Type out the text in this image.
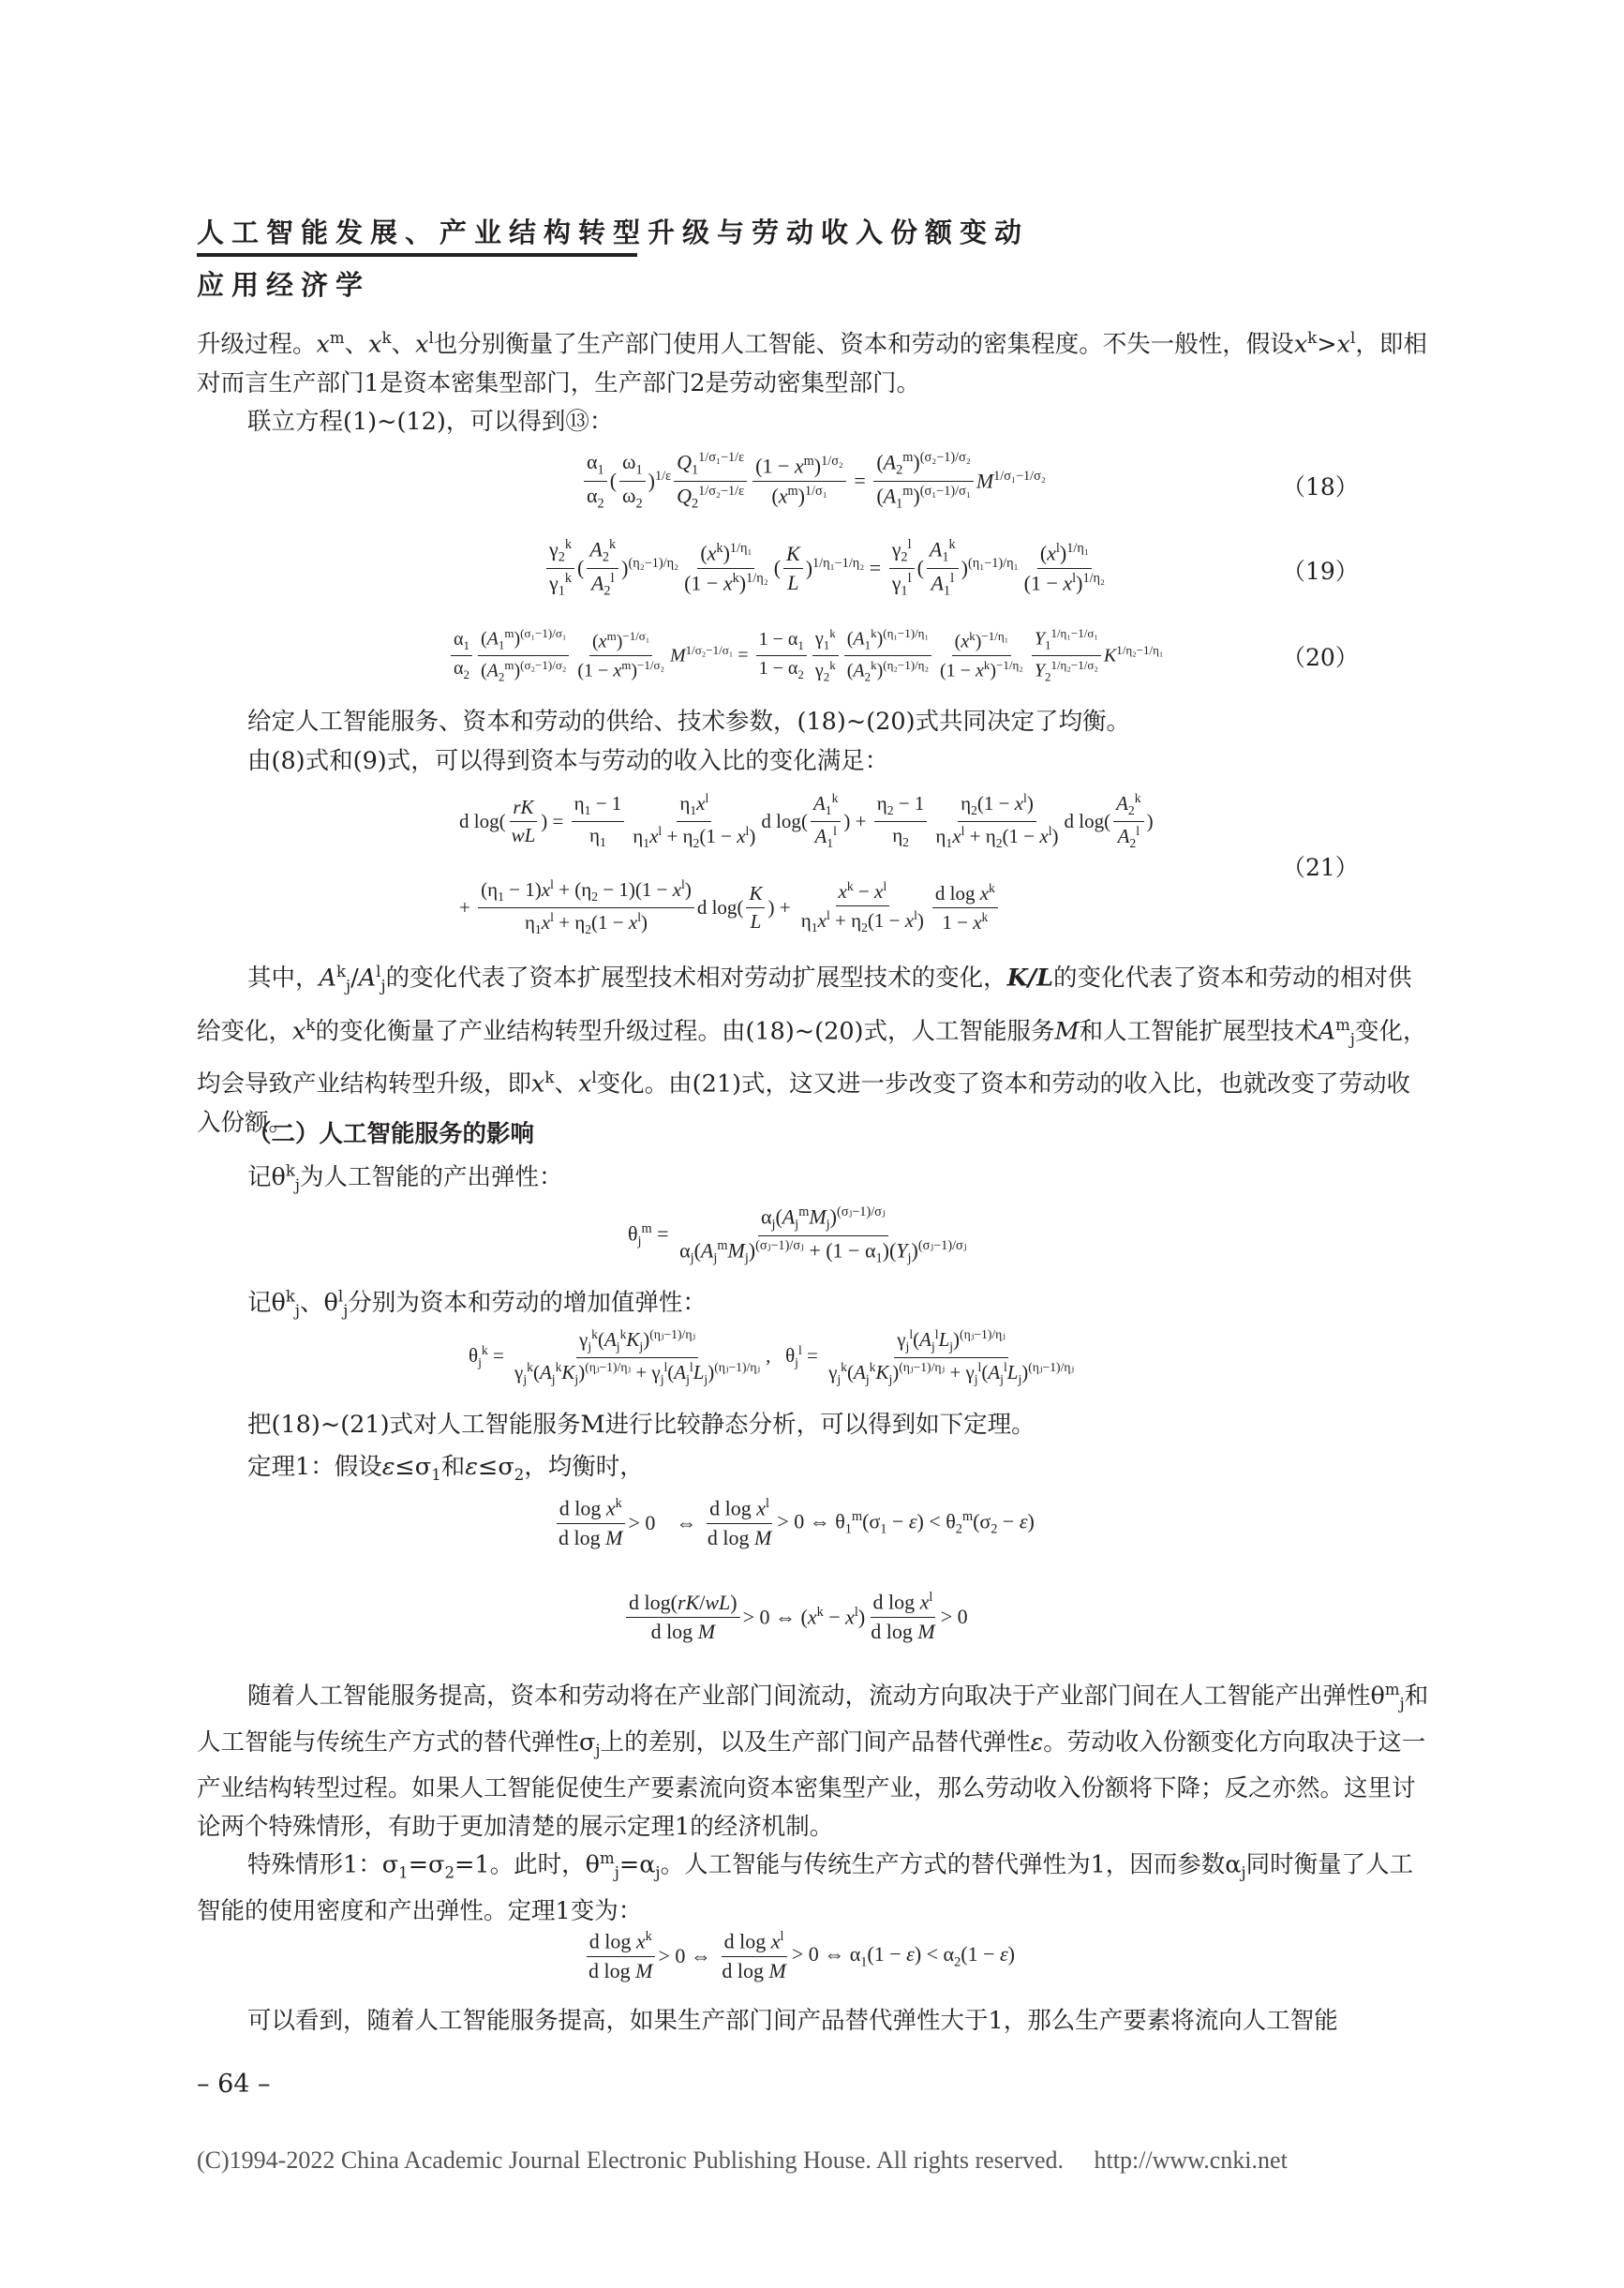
人工智能发展、产业结构转型升级与劳动收入份额变动
应用经济学
升级过程。$x^m$、$x^k$、$x^l$也分别衡量了生产部门使用人工智能、资本和劳动的密集程度。不失一般性，假设$x^k>x^l$，即相对而言生产部门1是资本密集型部门，生产部门2是劳动密集型部门。
联立方程(1)~(12)，可以得到⑬：
$\frac{\alpha_1}{\alpha_2}$ ( $\frac{\omega_1}{\omega_2} )^{1/\varepsilon} \frac{Q_1^{1/\sigma_1-1/\varepsilon}}{Q_2^{1/\sigma_2-1/\varepsilon}} \frac{(1 - x^m)^{1/\sigma_2}}{(x^m)^{1/\sigma_1}} = \frac{(A_2^m)^{(\sigma_2-1)/\sigma_2}}{(A_1^m)^{(\sigma_1-1)/\sigma_1}} M^{1/\sigma_1-1/\sigma_2}$	（18）
$\frac{\gamma_2^k}{\gamma_1^k}$ ( $\frac{A_2^k}{A_2^l} )^{(\eta_2-1)/\eta_2} \frac{(x^k)^{1/\eta_1}}{(1 - x^k)^{1/\eta_2}}$ ( $\frac{K}{L} )^{1/\eta_1-1/\eta_2} = \frac{\gamma_2^l}{\gamma_1^l}$ ( $\frac{A_1^k}{A_1^l} )^{(\eta_1-1)/\eta_1} \frac{(x^l)^{1/\eta_1}}{(1 - x^l)^{1/\eta_2}}$	（19）
$\frac{\alpha_1}{\alpha_2} \frac{(A_1^m)^{(\sigma_1-1)/\sigma_1}}{(A_2^m)^{(\sigma_2-1)/\sigma_2}} \frac{(x^m)^{-1/\sigma_1}}{(1 - x^m)^{-1/\sigma_2}} M^{1/\sigma_2-1/\sigma_1} = \frac{1 - \alpha_1}{1 - \alpha_2} \frac{\gamma_1^k}{\gamma_2^k} \frac{(A_1^k)^{(\eta_1-1)/\eta_1}}{(A_2^k)^{(\eta_2-1)/\eta_2}} \frac{(x^k)^{-1/\eta_1}}{(1 - x^k)^{-1/\eta_2}} \frac{Y_1^{1/\eta_1-1/\sigma_1}}{Y_2^{1/\eta_2-1/\sigma_2}} K^{1/\eta_2-1/\eta_1}$	（20）
给定人工智能服务、资本和劳动的供给、技术参数，(18)~(20)式共同决定了均衡。
由(8)式和(9)式，可以得到资本与劳动的收入比的变化满足：
d log ( $\frac{rK}{wL}$ ) = $\frac{\eta_1 - 1}{\eta_1} \frac{\eta_1x^l}{\eta_1x^l + \eta_2(1 - x^l)}$ d log ( $\frac{A_1^k}{A_1^l}$ ) + $\frac{\eta_2 - 1}{\eta_2} \frac{\eta_2(1 - x^l)}{\eta_1x^l + \eta_2(1 - x^l)}$ d log ( $\frac{A_2^k}{A_2^l}$ )
+ $\frac{(\eta_1 - 1)x^l + (\eta_2 - 1)(1 - x^l)}{\eta_1x^l + \eta_2(1 - x^l)}$ d log ( $\frac{K}{L}$ ) + $\frac{x^k - x^l}{\eta_1x^l + \eta_2(1 - x^l)} \frac{d \log x^k}{1 - x^k}$
（21）
其中，$A^k_j/A^l_j$的变化代表了资本扩展型技术相对劳动扩展型技术的变化，K/L的变化代表了资本和劳动的相对供给变化，$x^k$的变化衡量了产业结构转型升级过程。由(18)~(20)式，人工智能服务M和人工智能扩展型技术$A^m_j$变化，均会导致产业结构转型升级，即$x^k$、$x^l$变化。由(21)式，这又进一步改变了资本和劳动的收入比，也就改变了劳动收入份额。
（二）人工智能服务的影响
记$\theta^k_j$为人工智能的产出弹性：
$\theta_j^m = \frac{\alpha_j(A_j^mM_j)^{(\sigma ⱼ-1)/\sigma ⱼ}}{\alpha_j(A_j^mM_j)^{(\sigma ⱼ-1)/\sigma ⱼ} + (1 - \alpha_1)(Y_j)^{(\sigma ⱼ-1)/\sigma ⱼ}}$
记$\theta^k_j$、$\theta^l_j$分别为资本和劳动的增加值弹性：
$\theta_j^k = \frac{\gamma_j^k(A_j^kK_j)^{(\eta ⱼ-1)/\eta ⱼ}}{\gamma_j^k(A_j^kK_j)^{(\eta ⱼ-1)/\eta ⱼ} + \gamma_j^l(A_j^lL_j)^{(\eta ⱼ-1)/\eta ⱼ}}$ ,   $\theta_j^l = \frac{\gamma_j^l(A_j^lL_j)^{(\eta ⱼ-1)/\eta ⱼ}}{\gamma_j^k(A_j^kK_j)^{(\eta ⱼ-1)/\eta ⱼ} + \gamma_j^l(A_j^lL_j)^{(\eta ⱼ-1)/\eta ⱼ}}$
把(18)~(21)式对人工智能服务M进行比较静态分析，可以得到如下定理。
定理1：假设$\varepsilon\le\sigma_1$和$\varepsilon\le\sigma_2$，均衡时，
$\frac{d \log x^k}{\text{d log M}} > 0$    ⇔ $\frac{d \log x^l}{\text{d log M}} > 0$ ⇔ $\theta_1^m(\sigma_1 - \varepsilon) < \theta_2^m(\sigma_2 - \varepsilon)$
$\frac{\text{d log(rK/wL)}}{\text{d log M}} > 0$ ⇔ $(x^k - x^l) \frac{d \log x^l}{\text{d log M}} > 0$
随着人工智能服务提高，资本和劳动将在产业部门间流动，流动方向取决于产业部门间在人工智能产出弹性$\theta^m_j$和人工智能与传统生产方式的替代弹性$\sigma_j$上的差别，以及生产部门间产品替代弹性ε。劳动收入份额变化方向取决于这一产业结构转型过程。如果人工智能促使生产要素流向资本密集型产业，那么劳动收入份额将下降；反之亦然。这里讨论两个特殊情形，有助于更加清楚的展示定理1的经济机制。
特殊情形1：$\sigma_1=\sigma_2=1$。此时，$\theta^m_j=\alpha_j$。人工智能与传统生产方式的替代弹性为1，因而参数$\alpha_j$同时衡量了人工智能的使用密度和产出弹性。定理1变为：
$\frac{d \log x^k}{\text{d log M}} > 0$ ⇔ $\frac{d \log x^l}{\text{d log M}} > 0$ ⇔ $\alpha_1(1 - \varepsilon) < \alpha_2(1 - \varepsilon)$
可以看到，随着人工智能服务提高，如果生产部门间产品替代弹性大于1，那么生产要素将流向人工智能
– 64 –
(C)1994-2022 China Academic Journal Electronic Publishing House. All rights reserved. http://www.cnki.net
